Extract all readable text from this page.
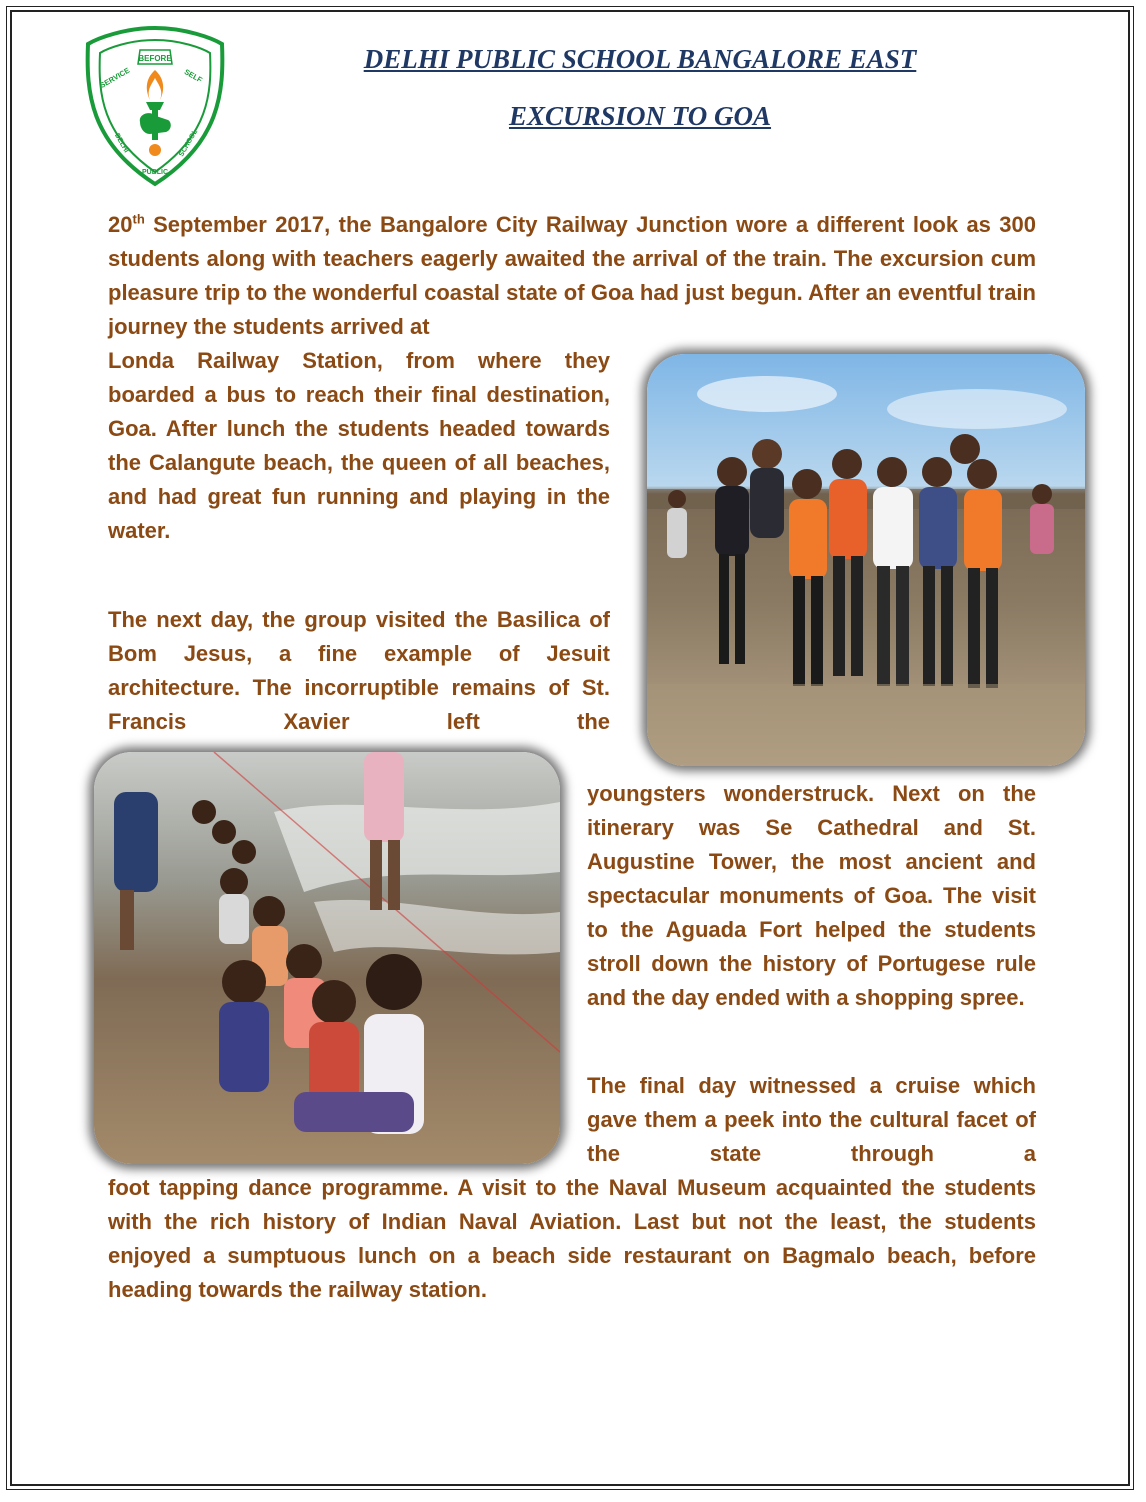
BEFORE
SERVICE	SELF
DELHI
PUBLIC
SCHOOL
DELHI PUBLIC SCHOOL BANGALORE EAST
EXCURSION TO GOA

20th September 2017, the Bangalore City Railway Junction wore a different look as 300 students along with teachers eagerly awaited the arrival of the train. The excursion cum pleasure trip to the wonderful coastal state of Goa had just begun. After an eventful train journey the students arrived at

Londa Railway Station, from where they boarded a bus to reach their final destination, Goa. After lunch the students headed towards the Calangute beach, the queen of all beaches, and had great fun running and playing in the water.

The next day, the group visited the Basilica of Bom Jesus, a fine example of Jesuit architecture. The incorruptible remains of St. Francis Xavier left the

youngsters wonderstruck. Next on the itinerary was Se Cathedral and St. Augustine Tower, the most ancient and spectacular monuments of Goa. The visit to the Aguada Fort helped the students stroll down the history of Portugese rule and the day ended with a shopping spree.

The final day witnessed a cruise which gave them a peek into the cultural facet of the state through a

foot tapping dance programme. A visit to the Naval Museum acquainted the students with the rich history of Indian Naval Aviation. Last but not the least, the students enjoyed a sumptuous lunch on a beach side restaurant on Bagmalo beach, before heading towards the railway station.
